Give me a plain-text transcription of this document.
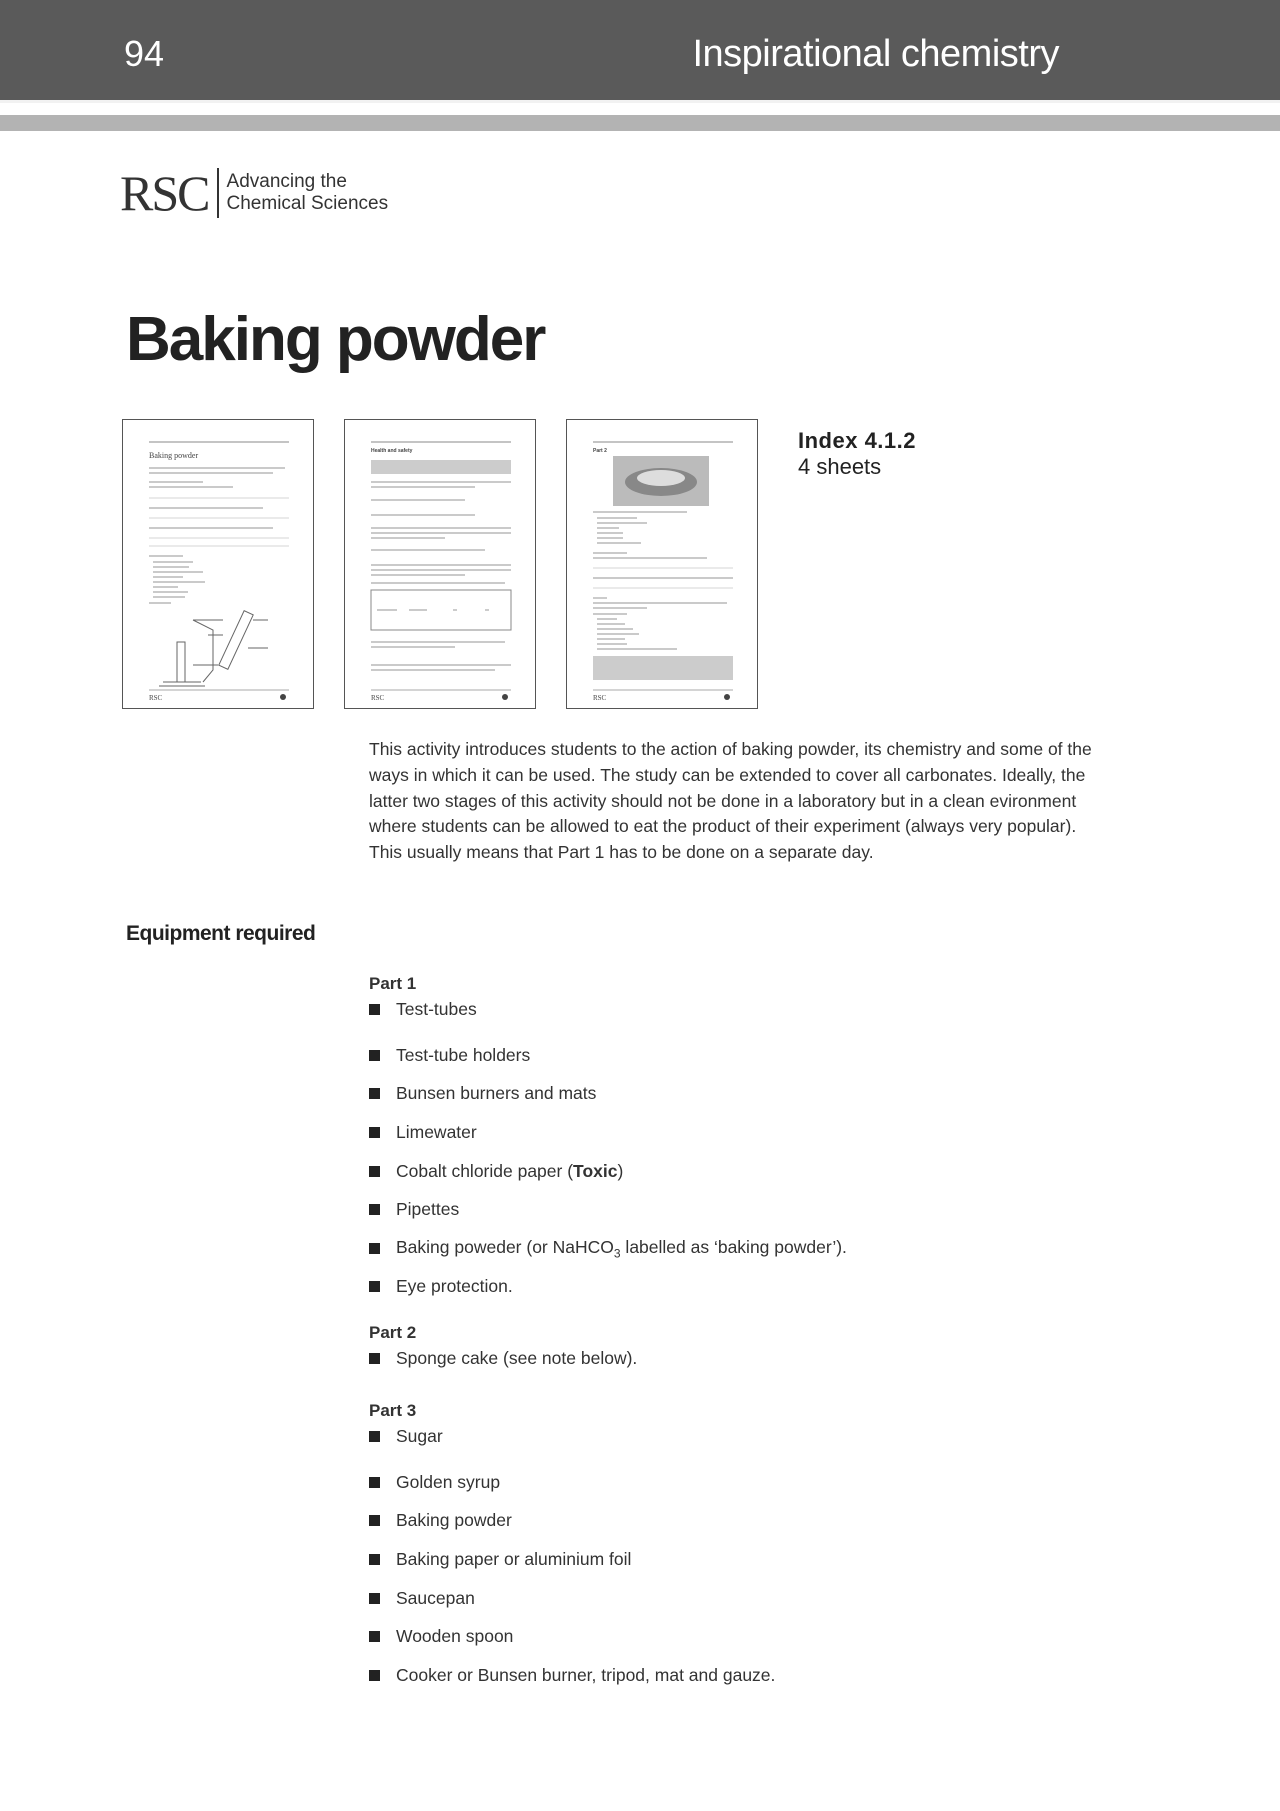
94	Inspirational chemistry
RSC Advancing the
Chemical Sciences
Baking powder
Baking powder
RSC
Health and safety
RSC
Part 2
RSC
Index 4.1.2
4 sheets

This activity introduces students to the action of baking powder, its chemistry and some of the ways in which it can be used. The study can be extended to cover all carbonates. Ideally, the latter two stages of this activity should not be done in a laboratory but in a clean evironment where students can be allowed to eat the product of their experiment (always very popular). This usually means that Part 1 has to be done on a separate day.

Equipment required
Part 1
Test-tubes
Test-tube holders
Bunsen burners and mats
Limewater
Cobalt chloride paper (Toxic)
Pipettes
Baking poweder (or NaHCO$_3$ labelled as ‘baking powder’).
Eye protection.
Part 2
Sponge cake (see note below).
Part 3
Sugar
Golden syrup
Baking powder
Baking paper or aluminium foil
Saucepan
Wooden spoon
Cooker or Bunsen burner, tripod, mat and gauze.
